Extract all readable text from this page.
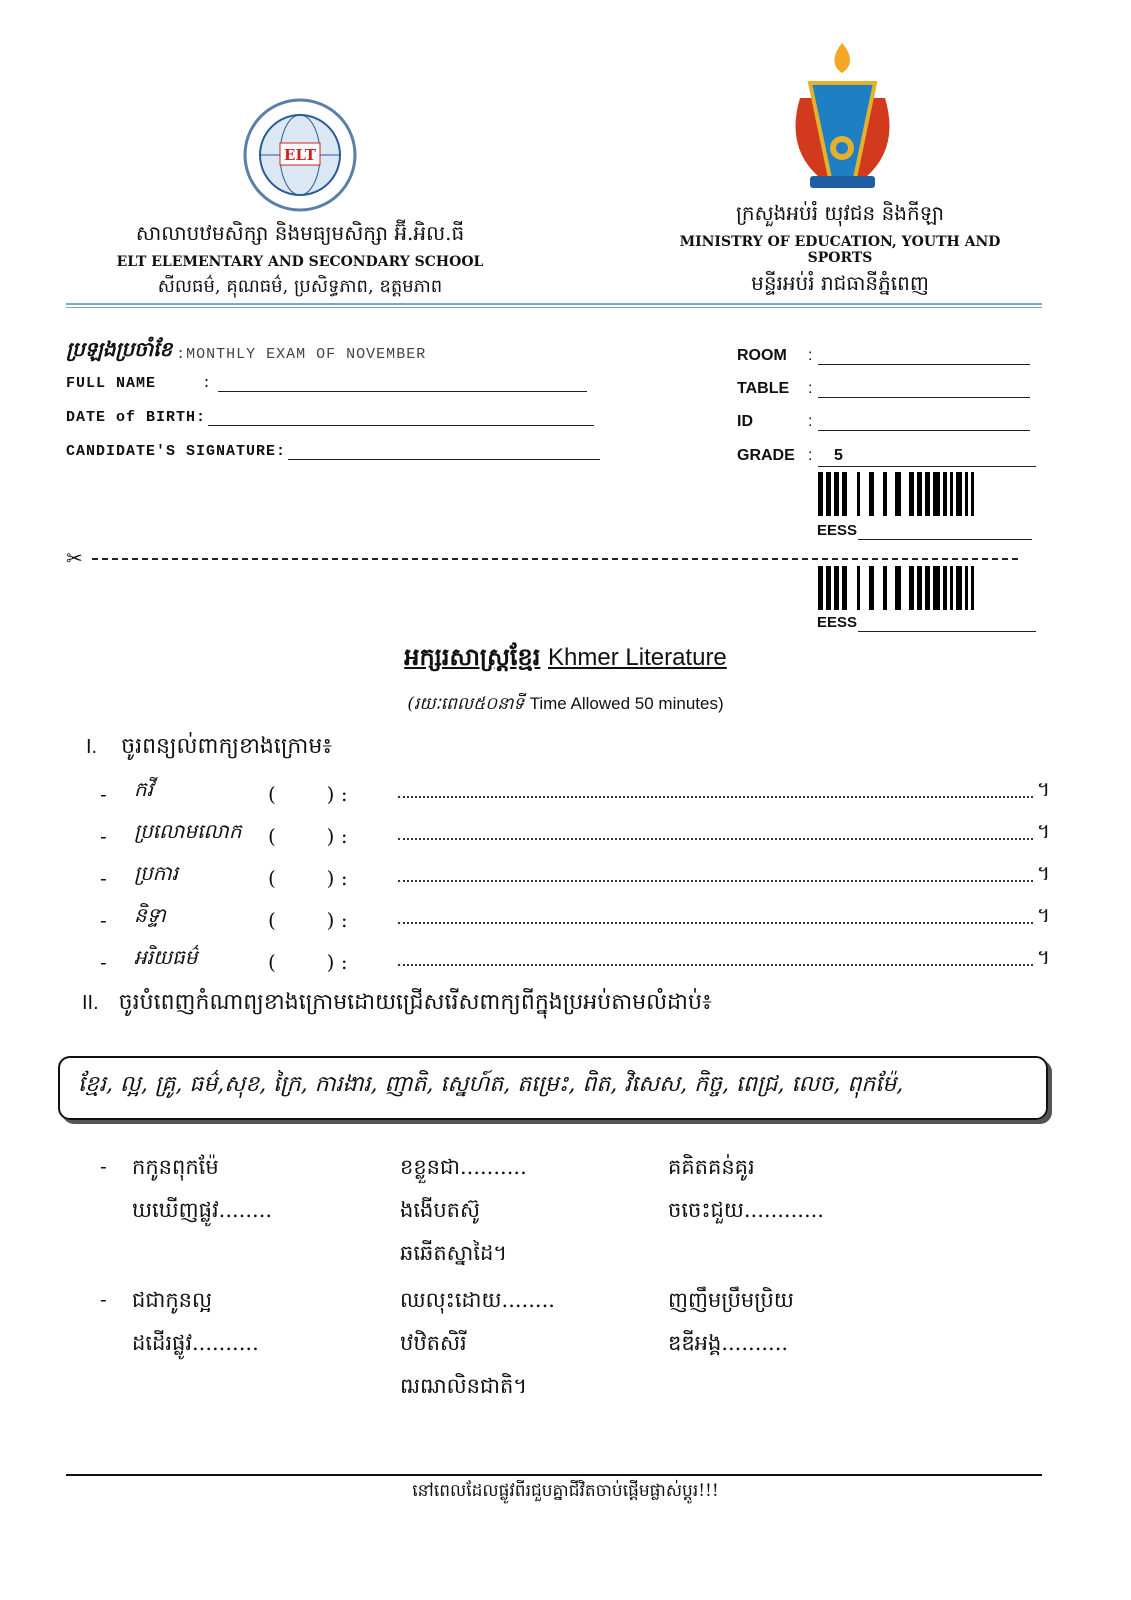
ELT
សាលាបឋមសិក្សា និងមធ្យមសិក្សា អ៊ី.អិល.ធី
ELT ELEMENTARY AND SECONDARY SCHOOL
សីលធម៌, គុណធម៌, ប្រសិទ្ធភាព, ឧត្តមភាព
ក្រសួងអប់រំ យុវជន និងកីឡា
MINISTRY OF EDUCATION, YOUTH AND SPORTS
មន្ទីរអប់រំ រាជធានីភ្នំពេញ
ប្រឡងប្រចាំខែ :MONTHLY EXAM OF NOVEMBER
FULL NAME	:
DATE of BIRTH:
CANDIDATE'S SIGNATURE:
ROOM :
TABLE :
ID	:
GRADE : 5
EESS
✂
EESS
អក្សរសាស្ត្រខ្មែរ Khmer Literature
(រយៈពេល៥០នាទី Time Allowed 50 minutes)
I. ចូរពន្យល់ពាក្យខាងក្រោម៖
-	កវី	(        ) :	។
-	ប្រលោមលោក	(        ) :	។
-	ប្រការ	(        ) :	។
-	និទ្ទា	(        ) :	។
-	អរិយធម៌	(        ) :	។
II. ចូរបំពេញកំណាព្យខាងក្រោមដោយជ្រើសរើសពាក្យពីក្នុងប្រអប់តាមលំដាប់៖
ខ្មែរ, ល្អ, គ្រូ, ធម៌,សុខ, ក្រៃ, ការងារ, ញាតិ, ស្នេហ៍ត, តម្រេះ, ពិត, វិសេស, កិច្ច, ពេជ្រ, លេច, ពុកម៉ែ,
-	កកូនពុកម៉ែ	ខខ្លួនជា..........	គគិតគន់គូរ
ឃឃើញផ្លូវ........	ងងើបតស៊ូ	ចចេះជួយ............
ឆឆើតស្នាដៃ។
-	ជជាកូនល្អ	ឈលុះដោយ........	ញញឹមប្រឹមប្រិយ
ដដើរផ្លូវ..........	ឋឋិតសិរី	ឌឌីអង្គ..........
ឍឍាលិនជាតិ។
នៅពេលដែលផ្លូវពីរជួបគ្នាជីវិតចាប់ផ្តើមផ្លាស់ប្តូរ!!!
